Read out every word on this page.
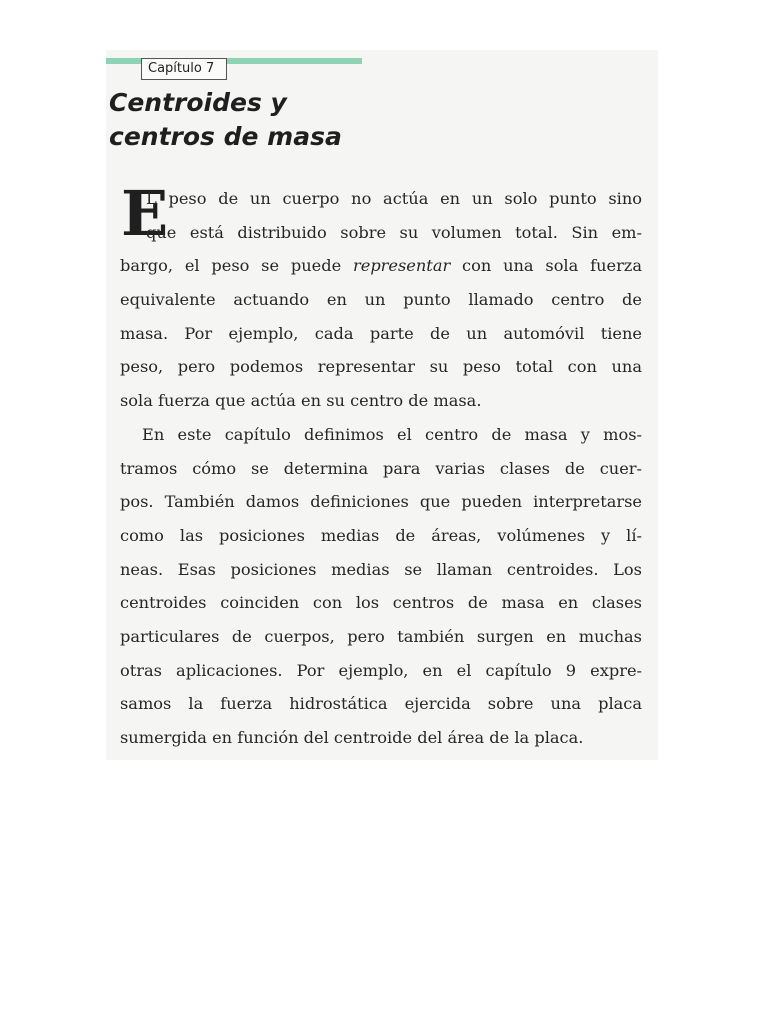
Capítulo 7
Centroides y
centros de masa
E

L peso de un cuerpo no actúa en un solo punto sino
que está distribuido sobre su volumen total. Sin em-
bargo, el peso se puede representar con una sola fuerza
equivalente actuando en un punto llamado centro de
masa. Por ejemplo, cada parte de un automóvil tiene
peso, pero podemos representar su peso total con una
sola fuerza que actúa en su centro de masa.

En este capítulo definimos el centro de masa y mos-
tramos cómo se determina para varias clases de cuer-
pos. También damos definiciones que pueden interpretarse
como las posiciones medias de áreas, volúmenes y lí-
neas. Esas posiciones medias se llaman centroides. Los
centroides coinciden con los centros de masa en clases
particulares de cuerpos, pero también surgen en muchas
otras aplicaciones. Por ejemplo, en el capítulo 9 expre-
samos la fuerza hidrostática ejercida sobre una placa
sumergida en función del centroide del área de la placa.
